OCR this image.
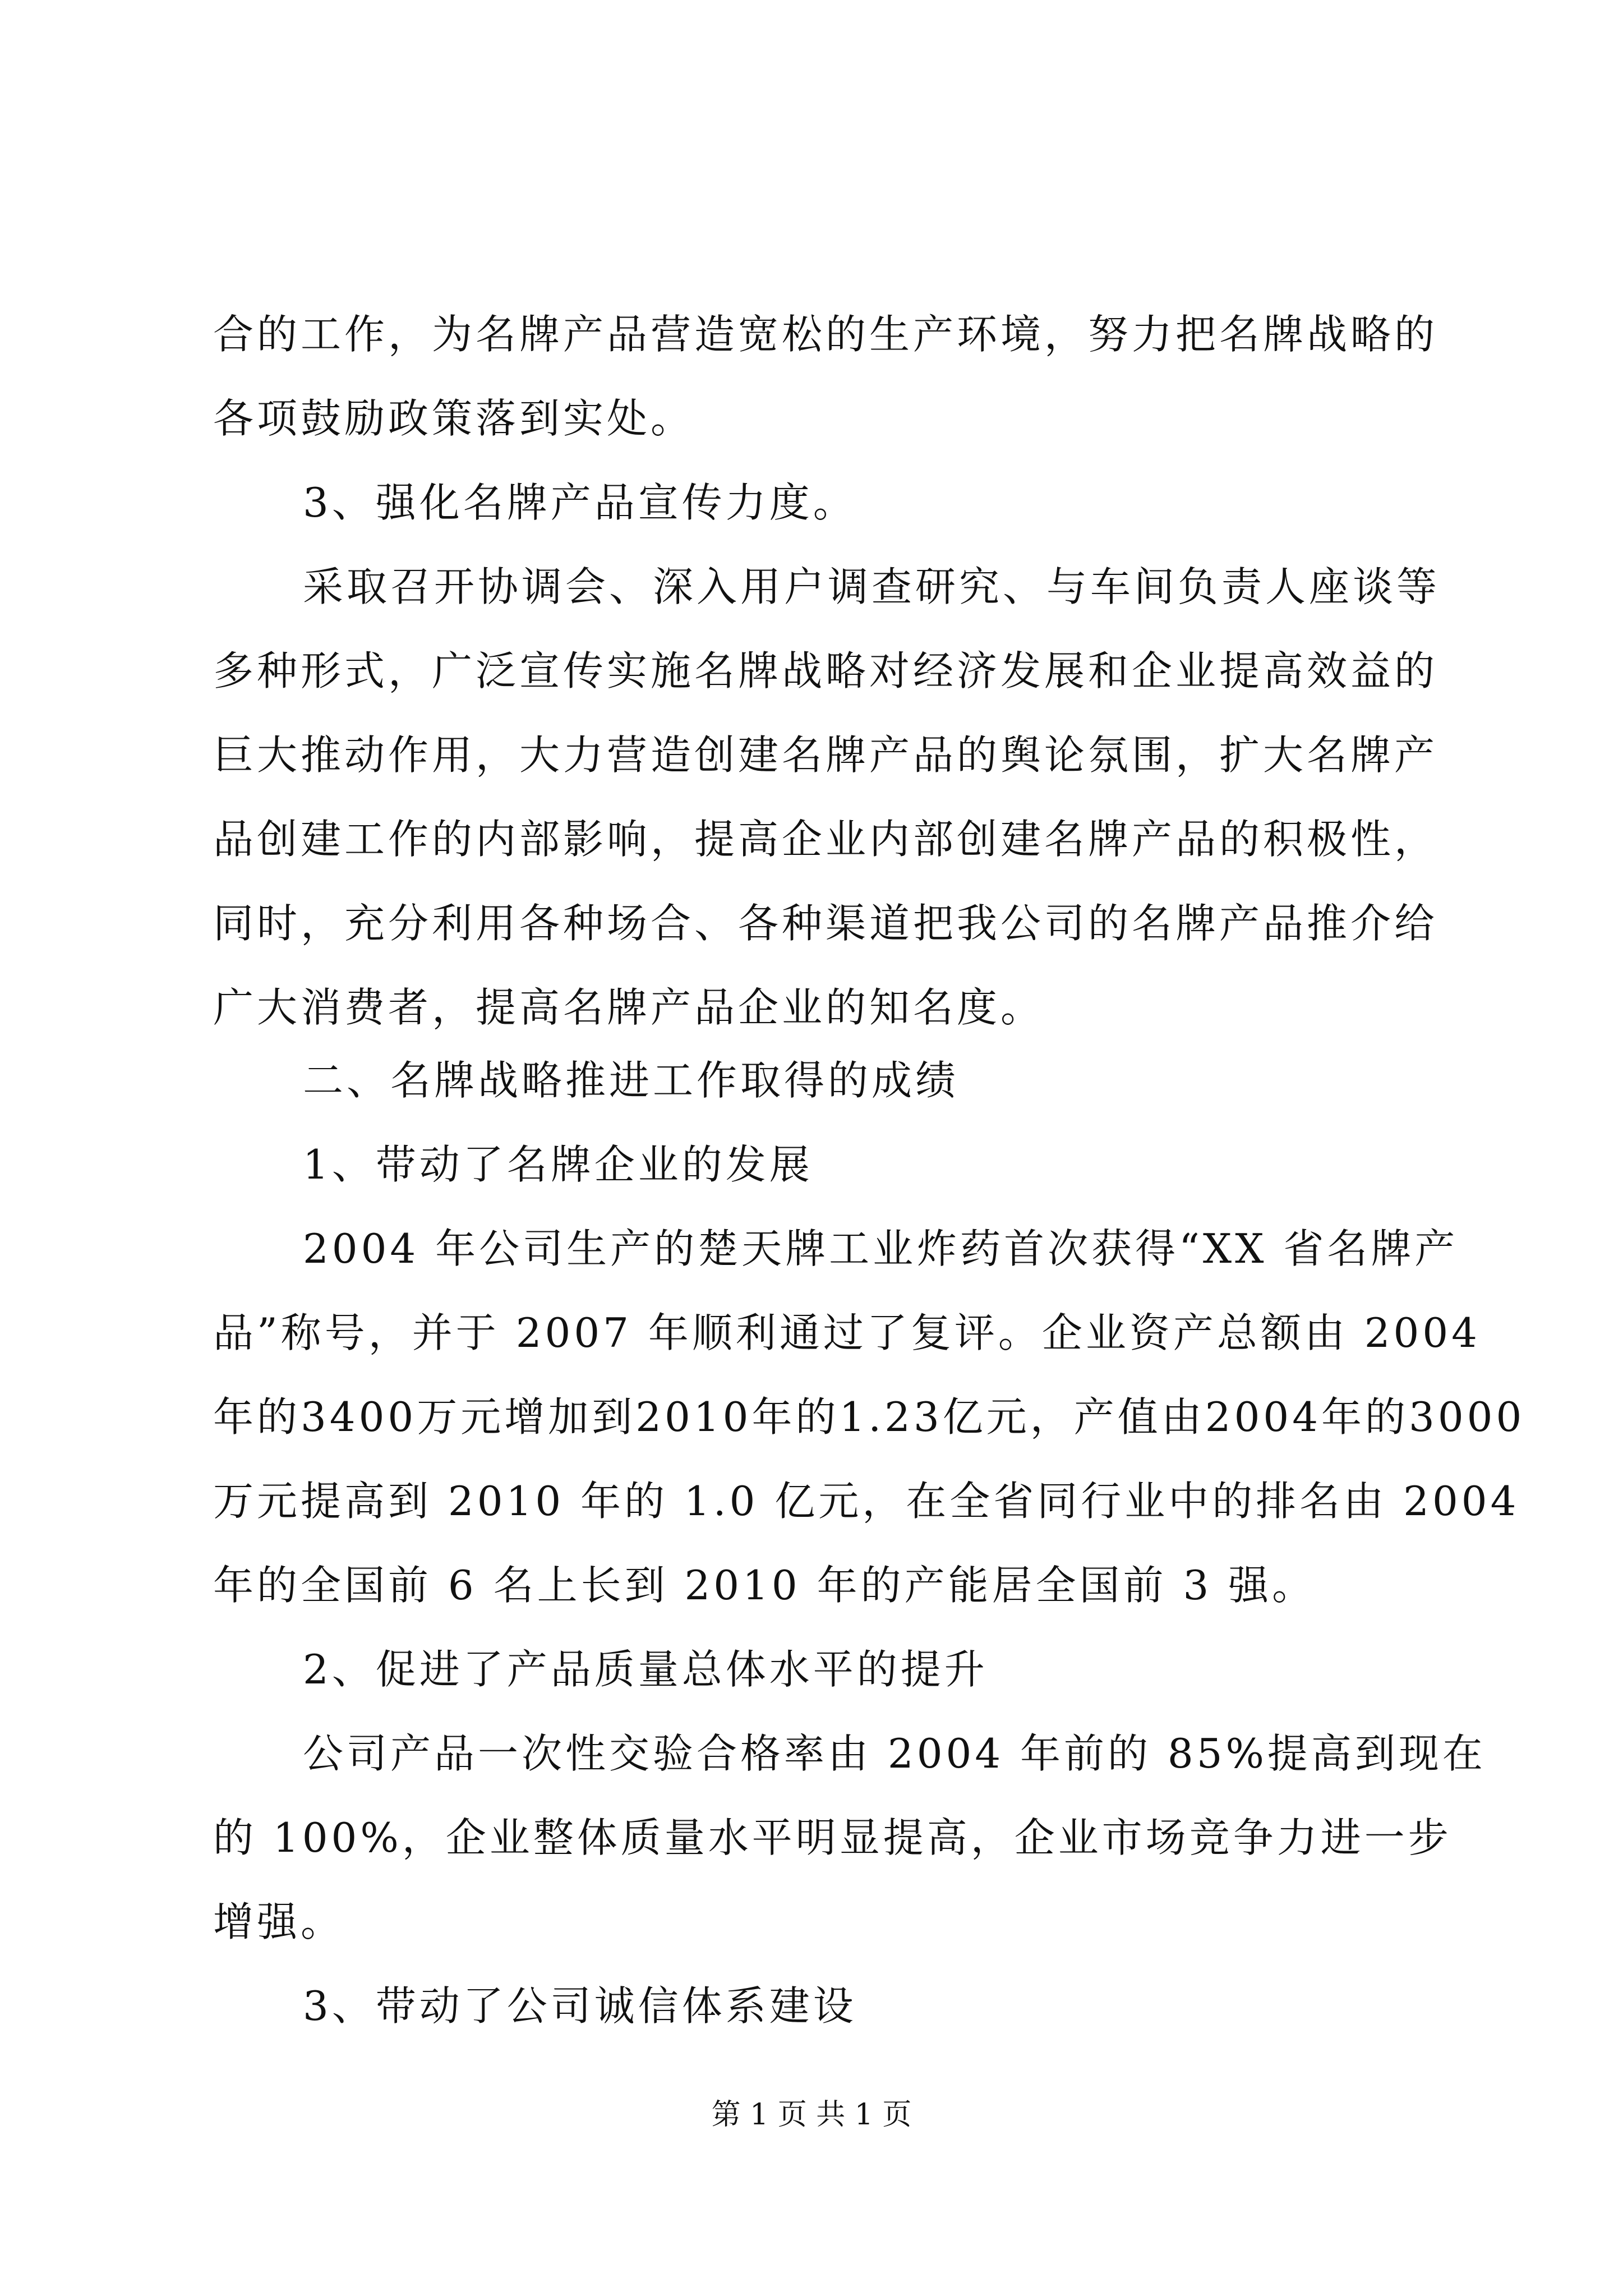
合的工作，为名牌产品营造宽松的生产环境，努力把名牌战略的
各项鼓励政策落到实处。
3、强化名牌产品宣传力度。
采取召开协调会、深入用户调查研究、与车间负责人座谈等
多种形式，广泛宣传实施名牌战略对经济发展和企业提高效益的
巨大推动作用，大力营造创建名牌产品的舆论氛围，扩大名牌产
品创建工作的内部影响，提高企业内部创建名牌产品的积极性，
同时，充分利用各种场合、各种渠道把我公司的名牌产品推介给
广大消费者，提高名牌产品企业的知名度。
二、名牌战略推进工作取得的成绩
1、带动了名牌企业的发展
2004 年公司生产的楚天牌工业炸药首次获得“XX 省名牌产
品”称号，并于 2007 年顺利通过了复评。企业资产总额由 2004
年的3400万元增加到2010年的1.23亿元，产值由2004年的3000
万元提高到 2010 年的 1.0 亿元，在全省同行业中的排名由 2004
年的全国前 6 名上长到 2010 年的产能居全国前 3 强。
2、促进了产品质量总体水平的提升
公司产品一次性交验合格率由 2004 年前的 85%提高到现在
的 100%，企业整体质量水平明显提高，企业市场竞争力进一步
增强。
3、带动了公司诚信体系建设
第 1 页 共 1 页
